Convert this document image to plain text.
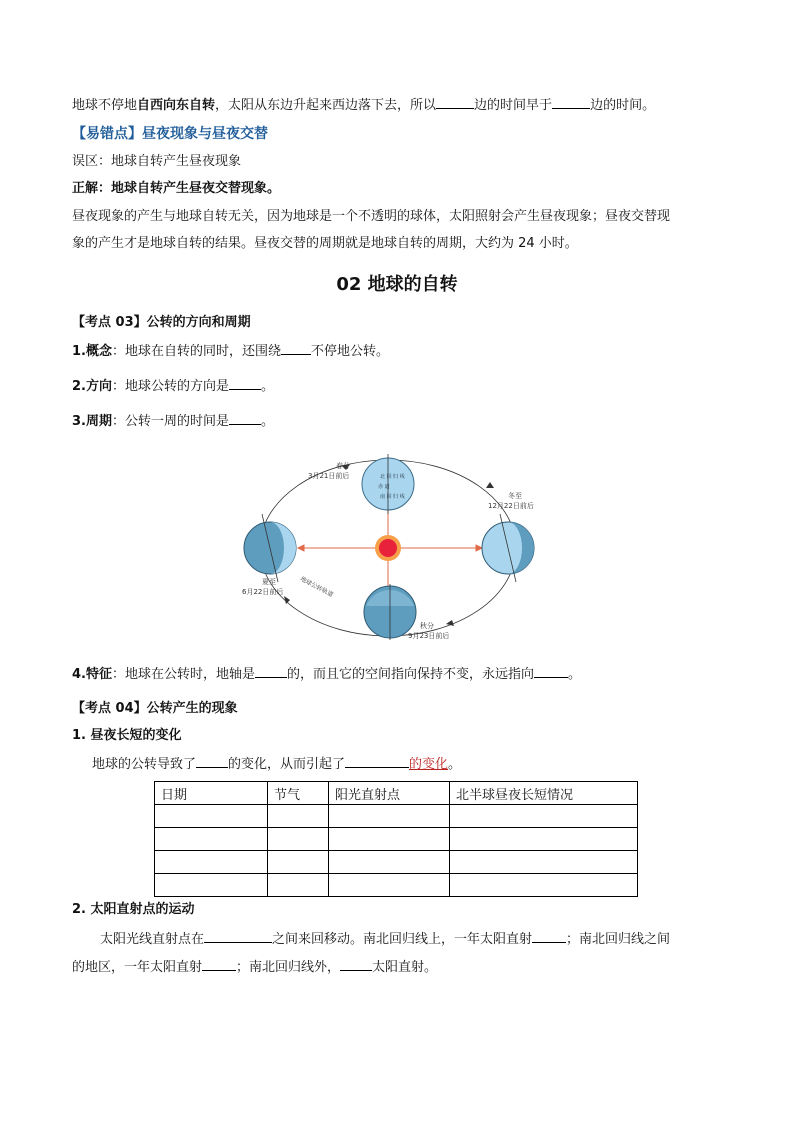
地球不停地自西向东自转，太阳从东边升起来西边落下去，所以	边的时间早于	边的时间。
【易错点】昼夜现象与昼夜交替
误区：地球自转产生昼夜现象
正解：地球自转产生昼夜交替现象。
昼夜现象的产生与地球自转无关，因为地球是一个不透明的球体，太阳照射会产生昼夜现象；昼夜交替现
象的产生才是地球自转的结果。昼夜交替的周期就是地球自转的周期，大约为 24 小时。
02 地球的自转
【考点 03】公转的方向和周期
1.概念：地球在自转的同时，还围绕 不停地公转。
2.方向：地球公转的方向是 。
3.周期：公转一周的时间是 。
北 回 归 线
赤 道
南 回 归 线
春分
3月21日前后
冬至
12月22日前后
夏至
6月22日前后
秋分
9月23日前后
地球公转轨道
4.特征：地球在公转时，地轴是 的，而且它的空间指向保持不变，永远指向	。
【考点 04】公转产生的现象
1. 昼夜长短的变化
地球的公转导致了 的变化，从而引起了	的变化。
日期	节气	阳光直射点	北半球昼夜长短情况

2. 太阳直射点的运动
太阳光线直射点在	之间来回移动。南北回归线上，一年太阳直射	；南北回归线之间
的地区，一年太阳直射	；南北回归线外， 太阳直射。
